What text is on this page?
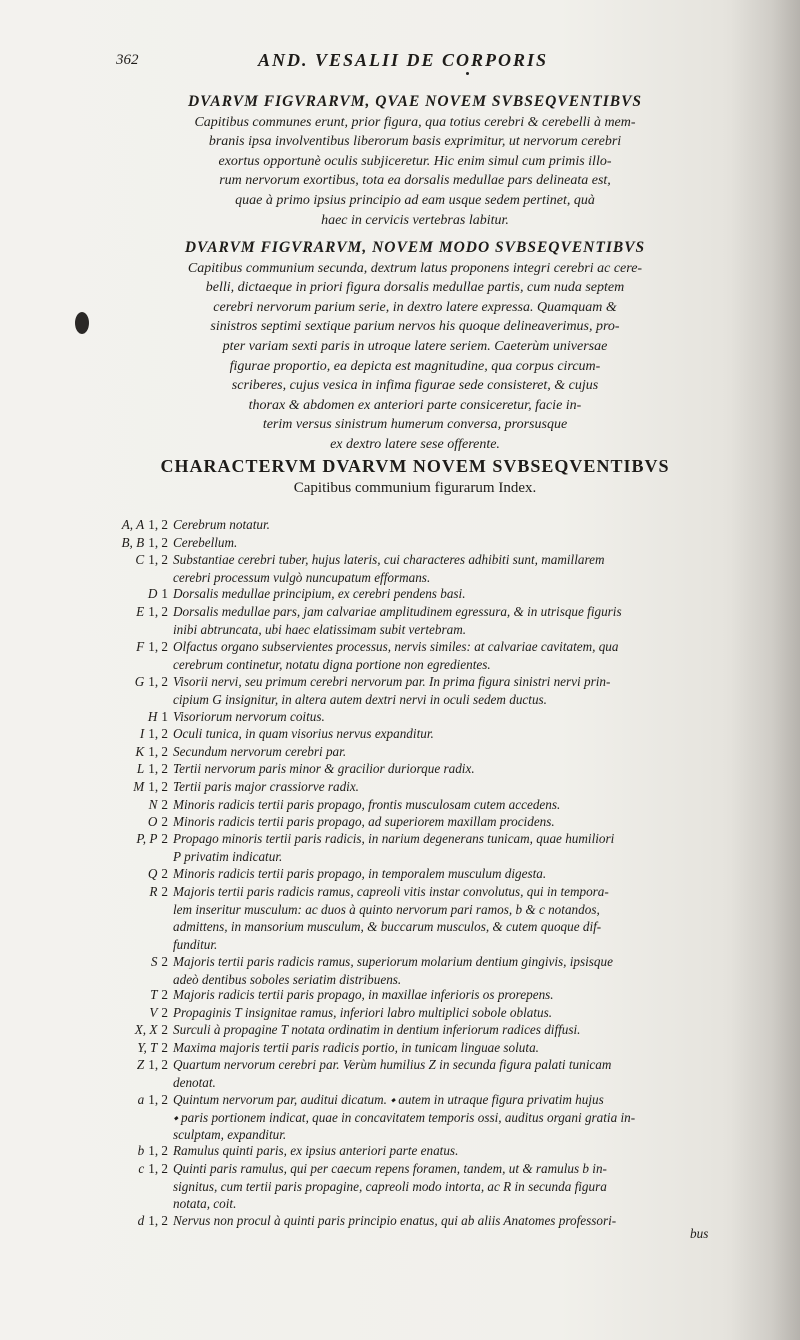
362	AND. VESALII DE CORPORIS
DVARVM FIGVRARVM, QVAE NOVEM SVBSEQVENTIBVS
Capitibus communes erunt, prior figura, qua totius cerebri & cerebelli à mem-
branis ipsa involventibus liberorum basis exprimitur, ut nervorum cerebri
exortus opportunè oculis subjiceretur. Hic enim simul cum primis illo-
rum nervorum exortibus, tota ea dorsalis medullae pars delineata est,
quae à primo ipsius principio ad eam usque sedem pertinet, quà
haec in cervicis vertebras labitur.
DVARVM FIGVRARVM, NOVEM MODO SVBSEQVENTIBVS
Capitibus communium secunda, dextrum latus proponens integri cerebri ac cere-
belli, dictaeque in priori figura dorsalis medullae partis, cum nuda septem
cerebri nervorum parium serie, in dextro latere expressa. Quamquam &
sinistros septimi sextique parium nervos his quoque delineaverimus, pro-
pter variam sexti paris in utroque latere seriem. Caeterùm universae
figurae proportio, ea depicta est magnitudine, qua corpus circum-
scriberes, cujus vesica in infima figurae sede consisteret, & cujus
thorax & abdomen ex anteriori parte consiceretur, facie in-
terim versus sinistrum humerum conversa, prorsusque
ex dextro latere sese offerente.
CHARACTERVM DVARVM NOVEM SVBSEQVENTIBVS
Capitibus communium figurarum Index.
A, A 1, 2 Cerebrum notatur.
B, B 1, 2 Cerebellum.
C 1, 2 Substantiae cerebri tuber, hujus lateris, cui characteres adhibiti sunt, mamillarem
cerebri processum vulgò nuncupatum efformans.
D 1 Dorsalis medullae principium, ex cerebri pendens basi.
E 1, 2 Dorsalis medullae pars, jam calvariae amplitudinem egressura, & in utrisque figuris
inibi abtruncata, ubi haec elatissimam subit vertebram.
F 1, 2 Olfactus organo subservientes processus, nervis similes: at calvariae cavitatem, qua
cerebrum continetur, notatu digna portione non egredientes.
G 1, 2 Visorii nervi, seu primum cerebri nervorum par. In prima figura sinistri nervi prin-
cipium G insignitur, in altera autem dextri nervi in oculi sedem ductus.
H 1 Visoriorum nervorum coitus.
I 1, 2 Oculi tunica, in quam visorius nervus expanditur.
K 1, 2 Secundum nervorum cerebri par.
L 1, 2 Tertii nervorum paris minor & gracilior duriorque radix.
M 1, 2 Tertii paris major crassiorve radix.
N 2 Minoris radicis tertii paris propago, frontis musculosam cutem accedens.
O 2 Minoris radicis tertii paris propago, ad superiorem maxillam procidens.
P, P 2 Propago minoris tertii paris radicis, in narium degenerans tunicam, quae humiliori
P privatim indicatur.
Q 2 Minoris radicis tertii paris propago, in temporalem musculum digesta.
R 2 Majoris tertii paris radicis ramus, capreoli vitis instar convolutus, qui in tempora-
lem inseritur musculum: ac duos à quinto nervorum pari ramos, b & c notandos,
admittens, in mansorium musculum, & buccarum musculos, & cutem quoque dif-
funditur.
S 2 Majoris tertii paris radicis ramus, superiorum molarium dentium gingivis, ipsisque
adeò dentibus soboles seriatim distribuens.
T 2 Majoris radicis tertii paris propago, in maxillae inferioris os prorepens.
V 2 Propaginis T insignitae ramus, inferiori labro multiplici sobole oblatus.
X, X 2 Surculi à propagine T notata ordinatim in dentium inferiorum radices diffusi.
Y, T 2 Maxima majoris tertii paris radicis portio, in tunicam linguae soluta.
Z 1, 2 Quartum nervorum cerebri par. Verùm humilius Z in secunda figura palati tunicam
denotat.
a 1, 2 Quintum nervorum par, auditui dicatum. ⬩ autem in utraque figura privatim hujus
⬩ paris portionem indicat, quae in concavitatem temporis ossi, auditus organi gratia in-
sculptam, expanditur.
b 1, 2 Ramulus quinti paris, ex ipsius anteriori parte enatus.
c 1, 2 Quinti paris ramulus, qui per caecum repens foramen, tandem, ut & ramulus b in-
signitus, cum tertii paris propagine, capreoli modo intorta, ac R in secunda figura
notata, coit.
d 1, 2 Nervus non procul à quinti paris principio enatus, qui ab aliis Anatomes professori-
bus
